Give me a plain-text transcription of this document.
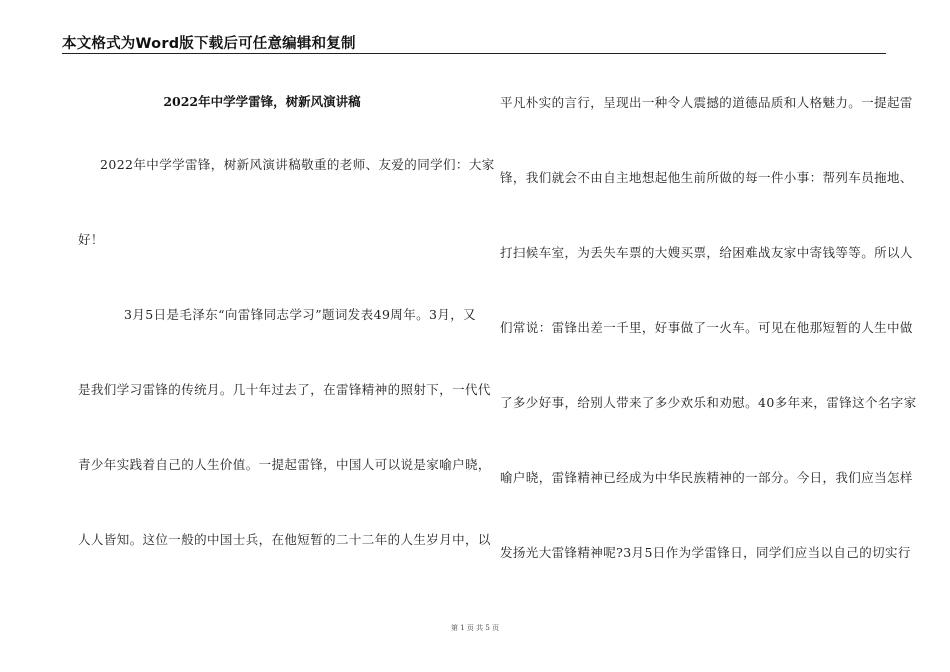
本文格式为Word版下载后可任意编辑和复制
2022年中学学雷锋，树新风演讲稿
2022年中学学雷锋，树新风演讲稿敬重的老师、友爱的同学们：大家
好！
3月5日是毛泽东“向雷锋同志学习”题词发表49周年。3月，又
是我们学习雷锋的传统月。几十年过去了，在雷锋精神的照射下，一代代
青少年实践着自己的人生价值。一提起雷锋，中国人可以说是家喻户晓，
人人皆知。这位一般的中国士兵，在他短暂的二十二年的人生岁月中，以
平凡朴实的言行，呈现出一种令人震撼的道德品质和人格魅力。一提起雷
锋，我们就会不由自主地想起他生前所做的每一件小事：帮列车员拖地、
打扫候车室，为丢失车票的大嫂买票，给困难战友家中寄钱等等。所以人
们常说：雷锋出差一千里，好事做了一火车。可见在他那短暂的人生中做
了多少好事，给别人带来了多少欢乐和劝慰。40多年来，雷锋这个名字家
喻户晓，雷锋精神已经成为中华民族精神的一部分。今日，我们应当怎样
发扬光大雷锋精神呢?3月5日作为学雷锋日，同学们应当以自己的切实行
第 1 页 共 5 页
